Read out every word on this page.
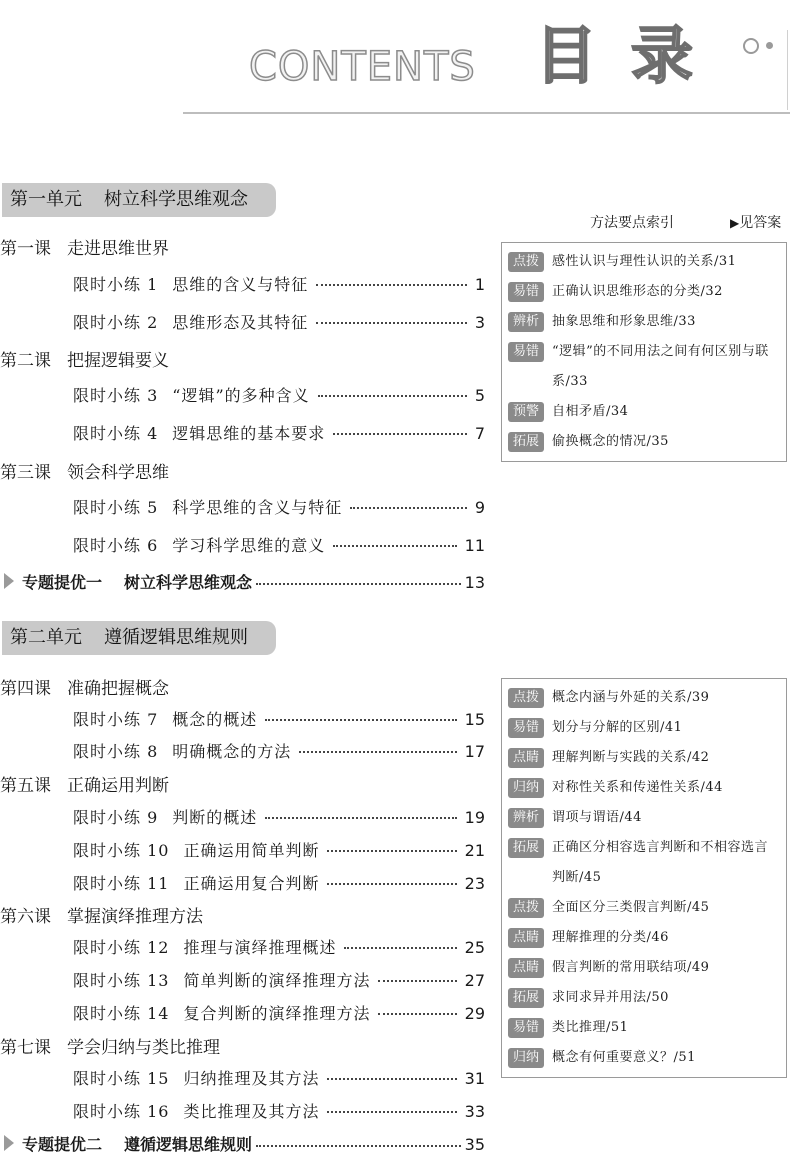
CONTENTS 目录
方法要点索引	▶ 见答案
第一单元 树立科学思维观念
第一课 走进思维世界
限时小练 1 思维的含义与特征	1
限时小练 2 思维形态及其特征	3
第二课 把握逻辑要义
限时小练 3 “逻辑”的多种含义	5
限时小练 4 逻辑思维的基本要求	7
第三课 领会科学思维
限时小练 5 科学思维的含义与特征	9
限时小练 6 学习科学思维的意义	11
专题提优一 树立科学思维观念	13
点拨	感性认识与理性认识的关系/31
易错	正确认识思维形态的分类/32
辨析	抽象思维和形象思维/33
易错	“逻辑”的不同用法之间有何区别与联系/33
预警	自相矛盾/34
拓展	偷换概念的情况/35
第二单元 遵循逻辑思维规则
第四课 准确把握概念
限时小练 7 概念的概述	15
限时小练 8 明确概念的方法	17
第五课 正确运用判断
限时小练 9 判断的概述	19
限时小练 10 正确运用简单判断	21
限时小练 11 正确运用复合判断	23
第六课 掌握演绎推理方法
限时小练 12 推理与演绎推理概述	25
限时小练 13 简单判断的演绎推理方法	27
限时小练 14 复合判断的演绎推理方法	29
第七课 学会归纳与类比推理
限时小练 15 归纳推理及其方法	31
限时小练 16 类比推理及其方法	33
专题提优二 遵循逻辑思维规则	35
点拨	概念内涵与外延的关系/39
易错	划分与分解的区别/41
点睛	理解判断与实践的关系/42
归纳	对称性关系和传递性关系/44
辨析	谓项与谓语/44
拓展	正确区分相容选言判断和不相容选言判断/45
点拨	全面区分三类假言判断/45
点睛	理解推理的分类/46
点睛	假言判断的常用联结项/49
拓展	求同求异并用法/50
易错	类比推理/51
归纳	概念有何重要意义？/51
